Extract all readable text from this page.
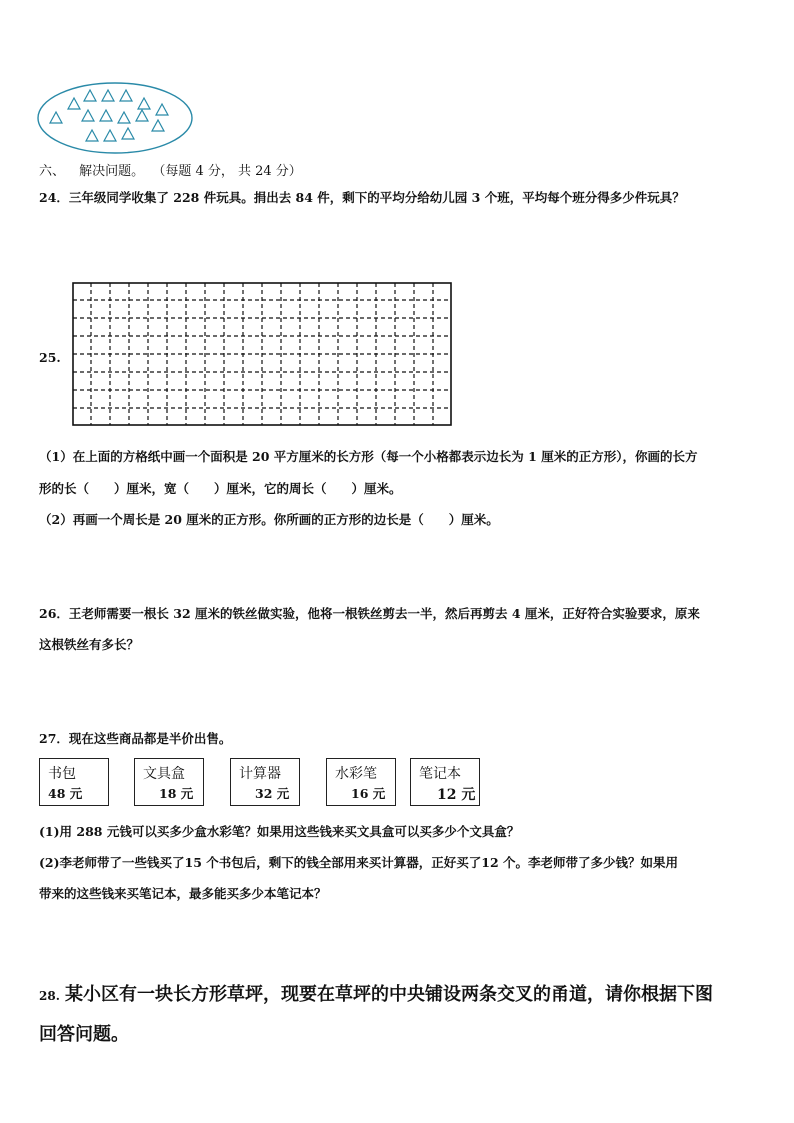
六、 解决问题。 （每题 4 分， 共 24 分）
24．三年级同学收集了 228 件玩具。捐出去 84 件，剩下的平均分给幼儿园 3 个班，平均每个班分得多少件玩具？
25.
（1）在上面的方格纸中画一个面积是 20 平方厘米的长方形（每一个小格都表示边长为 1 厘米的正方形），你画的长方
形的长（　　）厘米，宽（　　）厘米，它的周长（　　）厘米。
（2）再画一个周长是 20 厘米的正方形。你所画的正方形的边长是（　　）厘米。
26．王老师需要一根长 32 厘米的铁丝做实验，他将一根铁丝剪去一半，然后再剪去 4 厘米，正好符合实验要求，原来
这根铁丝有多长？
27．现在这些商品都是半价出售。
书包
48 元
文具盒
18 元
计算器
32 元
水彩笔
16 元
笔记本
12 元
(1)用 288 元钱可以买多少盒水彩笔？如果用这些钱来买文具盒可以买多少个文具盒？
(2)李老师带了一些钱买了15 个书包后，剩下的钱全部用来买计算器，正好买了12 个。李老师带了多少钱？如果用
带来的这些钱来买笔记本，最多能买多少本笔记本？
28. 某小区有一块长方形草坪，现要在草坪的中央铺设两条交叉的甬道，请你根据下图
回答问题。
